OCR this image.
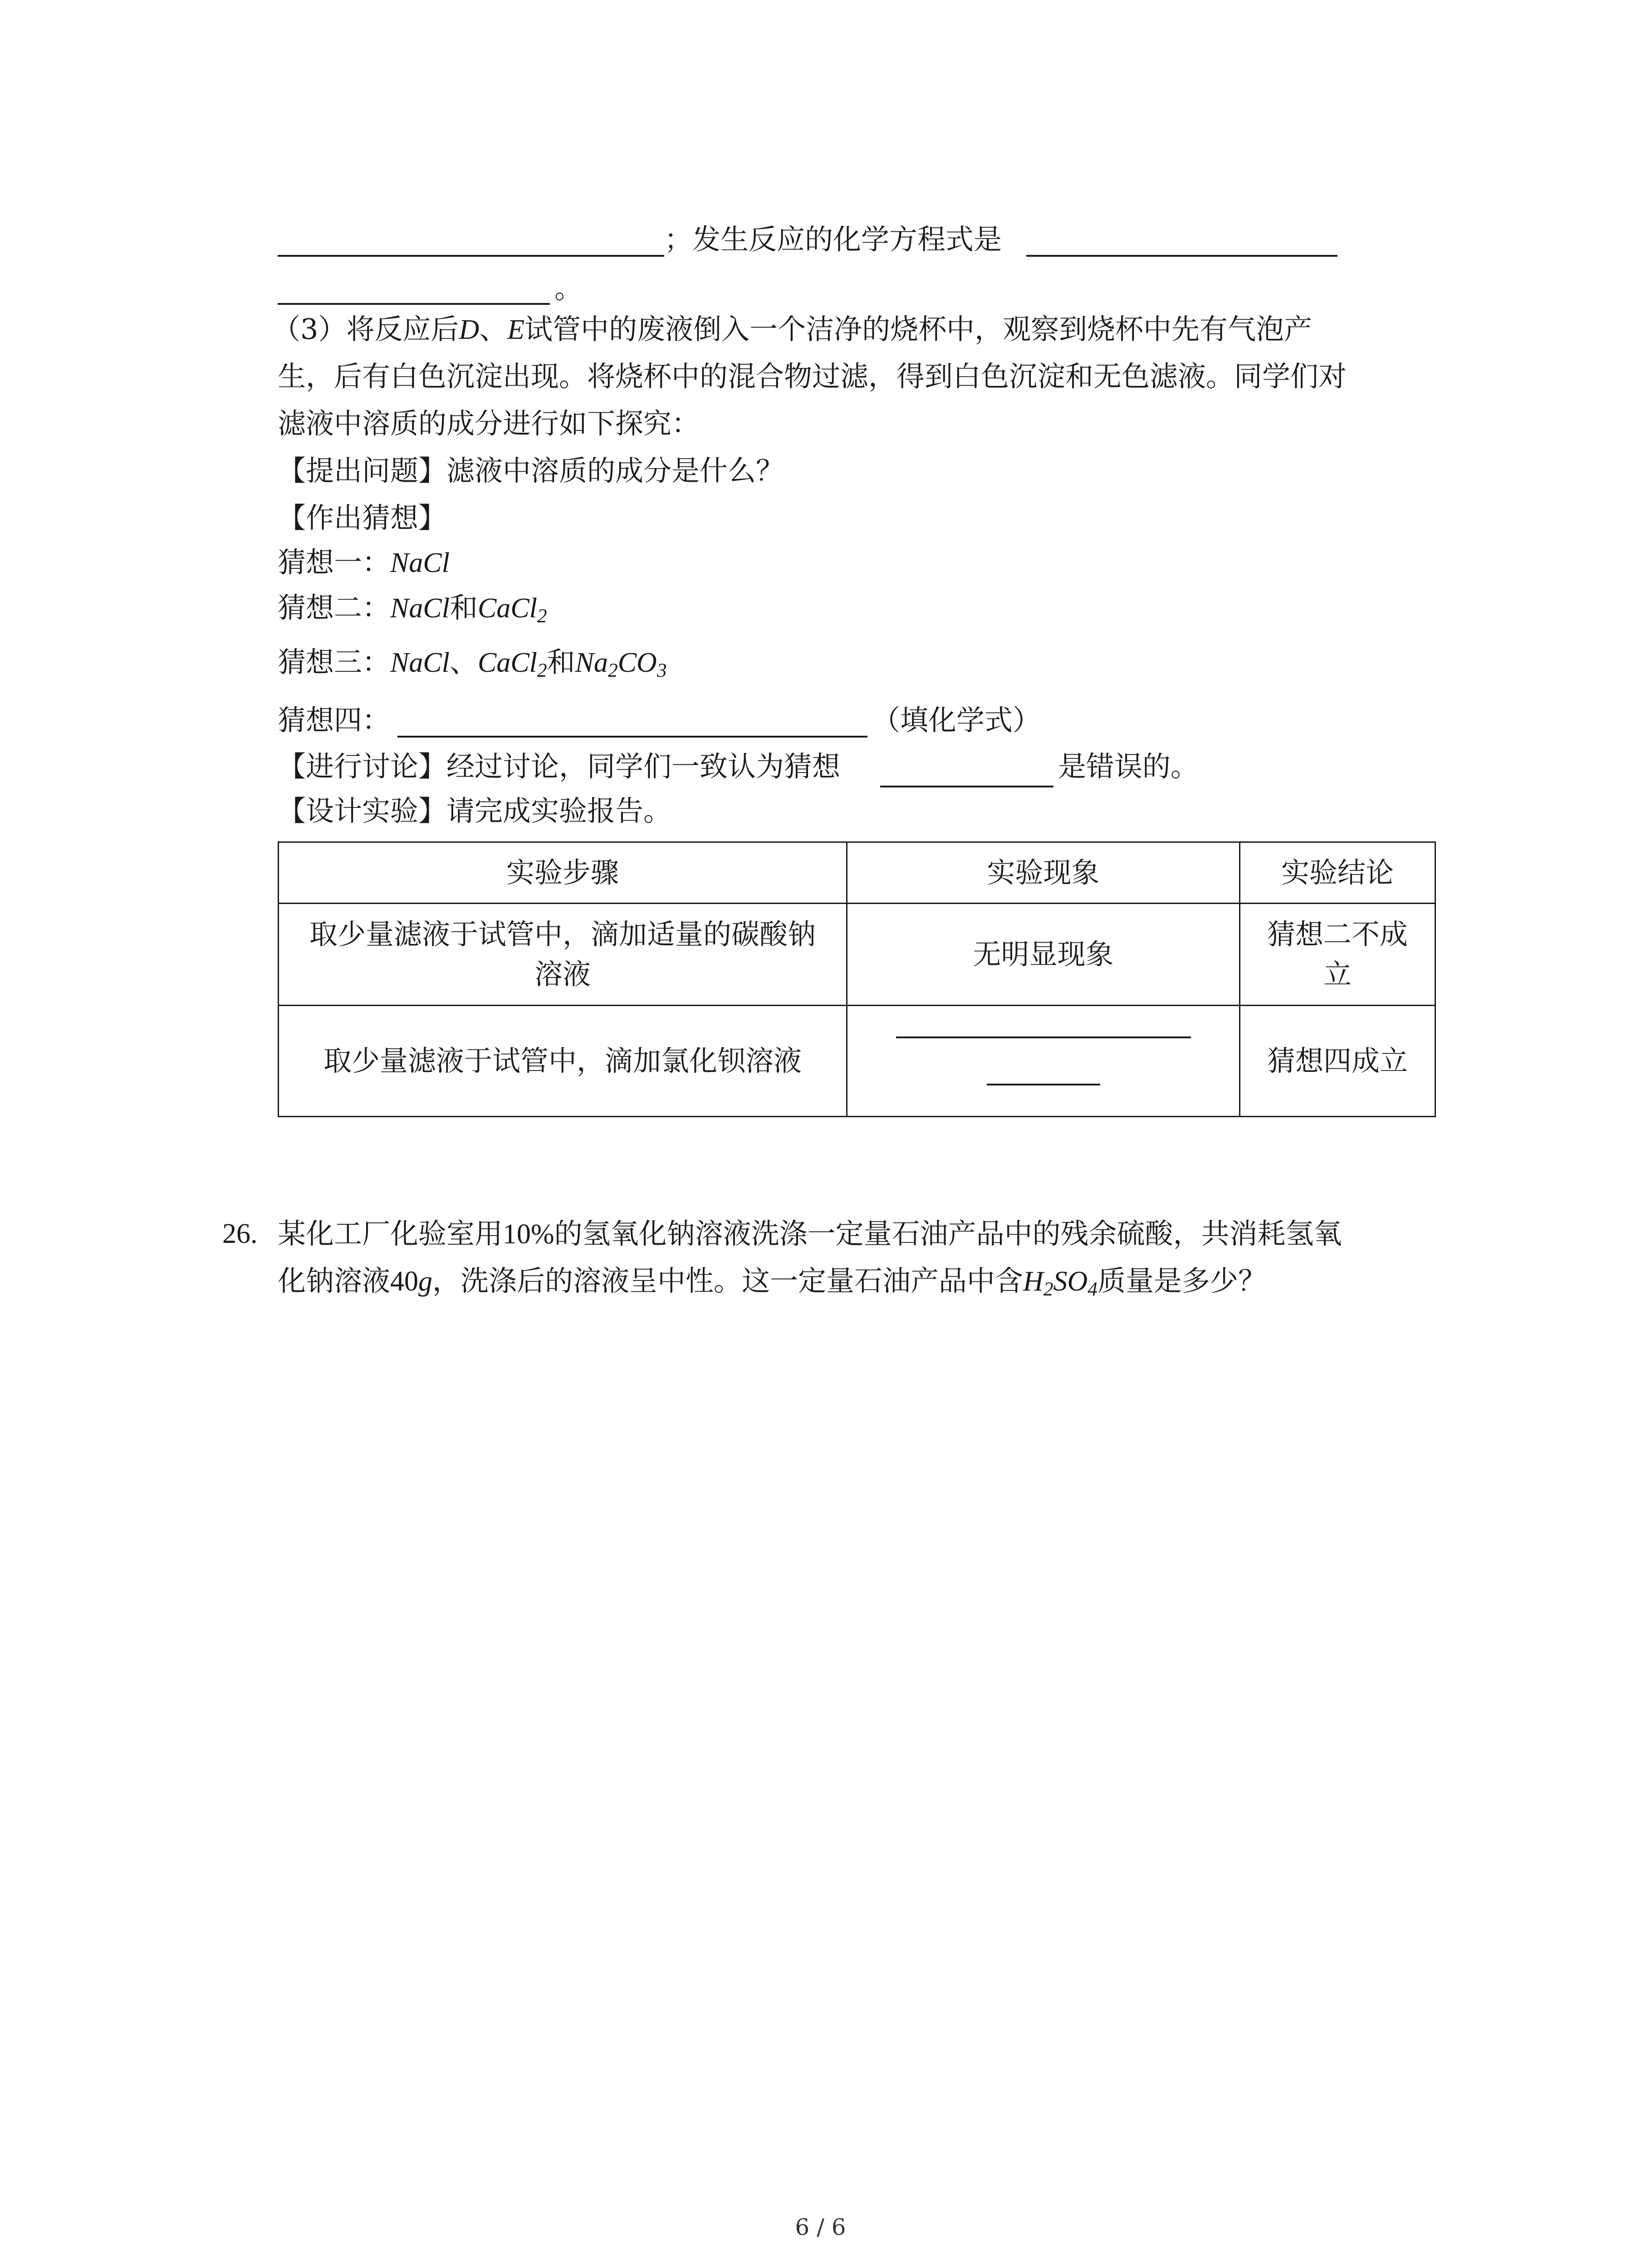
；发生反应的化学方程式是
。
（3）将反应后D、E试管中的废液倒入一个洁净的烧杯中，观察到烧杯中先有气泡产
生，后有白色沉淀出现。将烧杯中的混合物过滤，得到白色沉淀和无色滤液。同学们对
滤液中溶质的成分进行如下探究：
【提出问题】滤液中溶质的成分是什么？
【作出猜想】
猜想一：NaCl
猜想二：NaCl和CaCl$_2$
猜想三：NaCl、CaCl$_2$和$Na_2CO_3$
猜想四：	（填化学式）
【进行讨论】经过讨论，同学们一致认为猜想	是错误的。
【设计实验】请完成实验报告。
实验步骤	实验现象	实验结论
取少量滤液于试管中，滴加适量的碳酸钠
溶液	无明显现象	猜想二不成
立
取少量滤液于试管中，滴加氯化钡溶液		猜想四成立
26. 某化工厂化验室用10%的氢氧化钠溶液洗涤一定量石油产品中的残余硫酸，共消耗氢氧
化钠溶液40g，洗涤后的溶液呈中性。这一定量石油产品中含$H_2SO_4$质量是多少？
6 / 6
